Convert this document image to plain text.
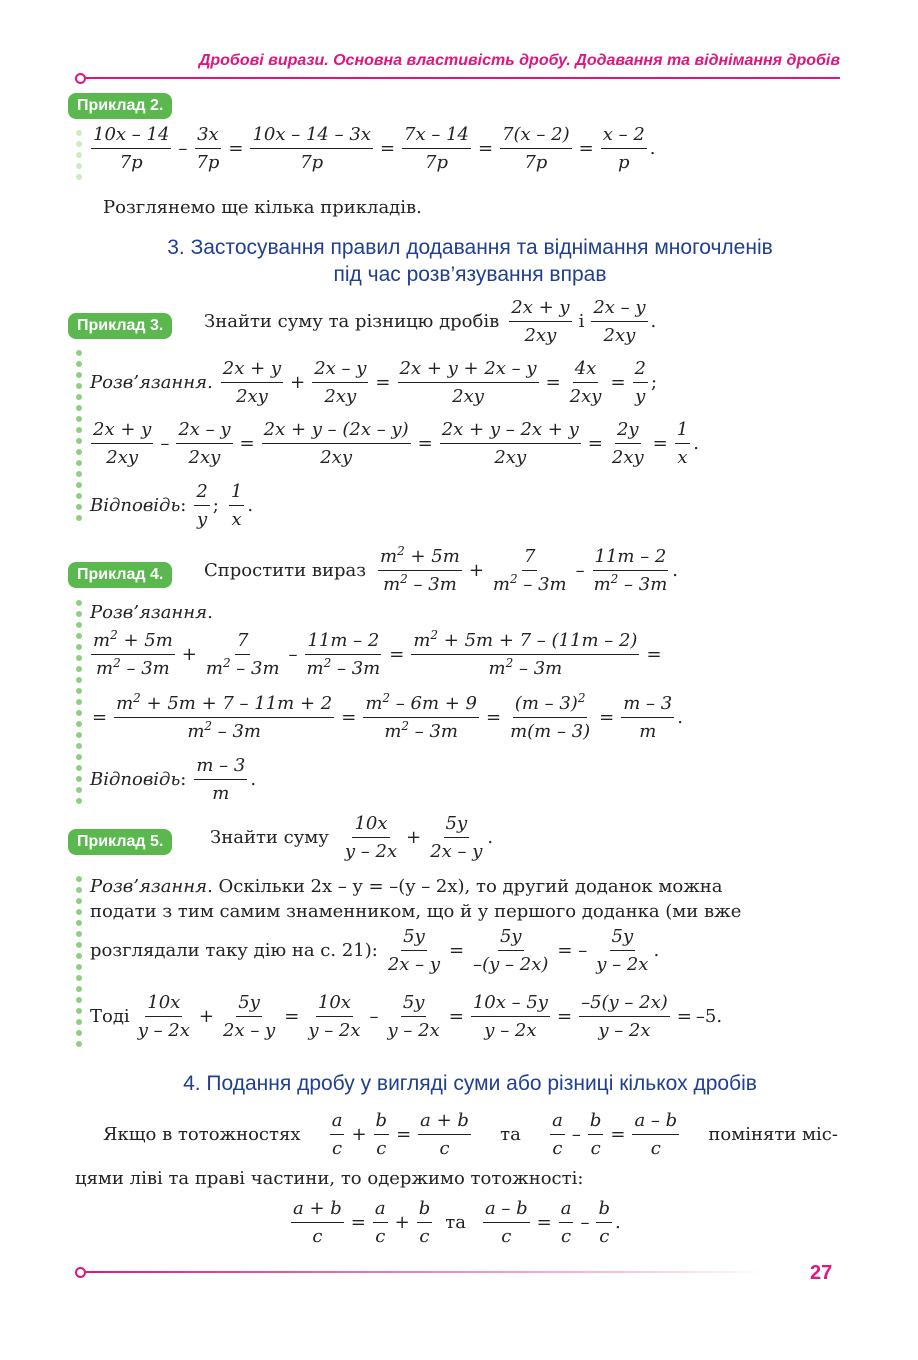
Дробові вирази. Основна властивість дробу. Додавання та віднімання дробів
Приклад 2.
$\frac{10x - 14}{7p} - \frac{3x}{7p} = \frac{10x - 14 - 3x}{7p} = \frac{7x - 14}{7p} = \frac{7(x - 2)}{7p} = \frac{x - 2}{p}$ .
Розглянемо ще кілька прикладів.
3. Застосування правил додавання та віднімання многочленів
під час розв’язування вправ
Приклад 3.	Знайти суму та різницю дробів $\frac{2x + y}{2xy}$ і $\frac{2x - y}{2xy}$ .
Розв’язання . $\frac{2x + y}{2xy} + \frac{2x - y}{2xy} = \frac{2x + y + 2x - y}{2xy} = \frac{4x}{2xy} = \frac{2}{y}$ ;
$\frac{2x + y}{2xy} - \frac{2x - y}{2xy} = \frac{2x + y - (2x - y)}{2xy} = \frac{2x + y - 2x + y}{2xy} = \frac{2y}{2xy} = \frac{1}{x}$ .
Відповідь : $\frac{2}{y}$ ; $\frac{1}{x}$ .
Приклад 4.	Спростити вираз $\frac{m^2 + 5m}{m^2 - 3m} + \frac{7}{m^2 - 3m} - \frac{11m - 2}{m^2 - 3m}$ .
Розв’язання .
$\frac{m^2 + 5m}{m^2 - 3m} + \frac{7}{m^2 - 3m} - \frac{11m - 2}{m^2 - 3m} = \frac{m^2 + 5m + 7 - (11m - 2)}{m^2 - 3m}$ =
= $\frac{m^2 + 5m + 7 - 11m + 2}{m^2 - 3m} = \frac{m^2 - 6m + 9}{m^2 - 3m} = \frac{(m - 3)^2}{m(m - 3)} = \frac{m - 3}{m}$ .
Відповідь : $\frac{m - 3}{m}$ .
Приклад 5.	Знайти суму $\frac{10x}{y - 2x} + \frac{5y}{2x - y}$ .
Розв’язання. Оскільки 2x – y = –(y – 2x), то другий доданок можна
подати з тим самим знаменником, що й у першого доданка (ми вже
розглядали таку дію на с. 21): $\frac{5y}{2x - y} = \frac{5y}{-(y - 2x)}$ = – $\frac{5y}{y - 2x}$ .
Тоді $\frac{10x}{y - 2x} + \frac{5y}{2x - y} = \frac{10x}{y - 2x} - \frac{5y}{y - 2x} = \frac{10x - 5y}{y - 2x} = \frac{-5(y - 2x)}{y - 2x} = -5$.
4. Подання дробу у вигляді суми або різниці кількох дробів
Якщо в тотожностях $\frac{a}{c} + \frac{b}{c} = \frac{a + b}{c}$ та $\frac{a}{c} - \frac{b}{c} = \frac{a - b}{c}$ поміняти міс-
цями ліві та праві частини, то одержимо тотожності:
$\frac{a + b}{c} = \frac{a}{c} + \frac{b}{c}$ та $\frac{a - b}{c} = \frac{a}{c} - \frac{b}{c}$ .
27
